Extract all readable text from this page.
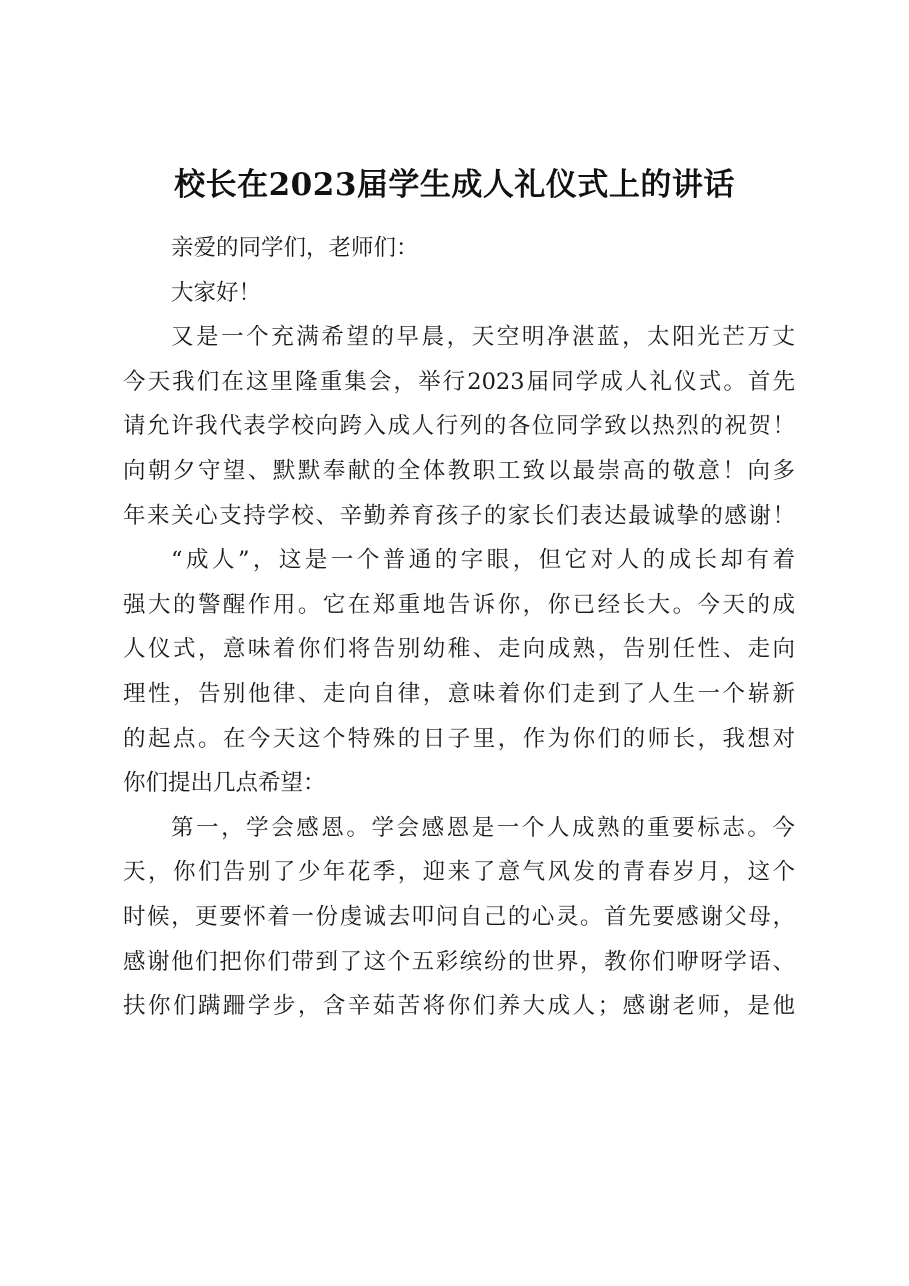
校长在2023届学生成人礼仪式上的讲话
亲爱的同学们，老师们：
大家好！
又是一个充满希望的早晨，天空明净湛蓝，太阳光芒万丈
今天我们在这里隆重集会，举行2023届同学成人礼仪式。首先
请允许我代表学校向跨入成人行列的各位同学致以热烈的祝贺！
向朝夕守望、默默奉献的全体教职工致以最崇高的敬意！向多
年来关心支持学校、辛勤养育孩子的家长们表达最诚挚的感谢！
“成人”，这是一个普通的字眼，但它对人的成长却有着
强大的警醒作用。它在郑重地告诉你，你已经长大。今天的成
人仪式，意味着你们将告别幼稚、走向成熟，告别任性、走向
理性，告别他律、走向自律，意味着你们走到了人生一个崭新
的起点。在今天这个特殊的日子里，作为你们的师长，我想对
你们提出几点希望：
第一，学会感恩。学会感恩是一个人成熟的重要标志。今
天，你们告别了少年花季，迎来了意气风发的青春岁月，这个
时候，更要怀着一份虔诚去叩问自己的心灵。首先要感谢父母，
感谢他们把你们带到了这个五彩缤纷的世界，教你们咿呀学语、
扶你们蹒跚学步，含辛茹苦将你们养大成人；感谢老师，是他
